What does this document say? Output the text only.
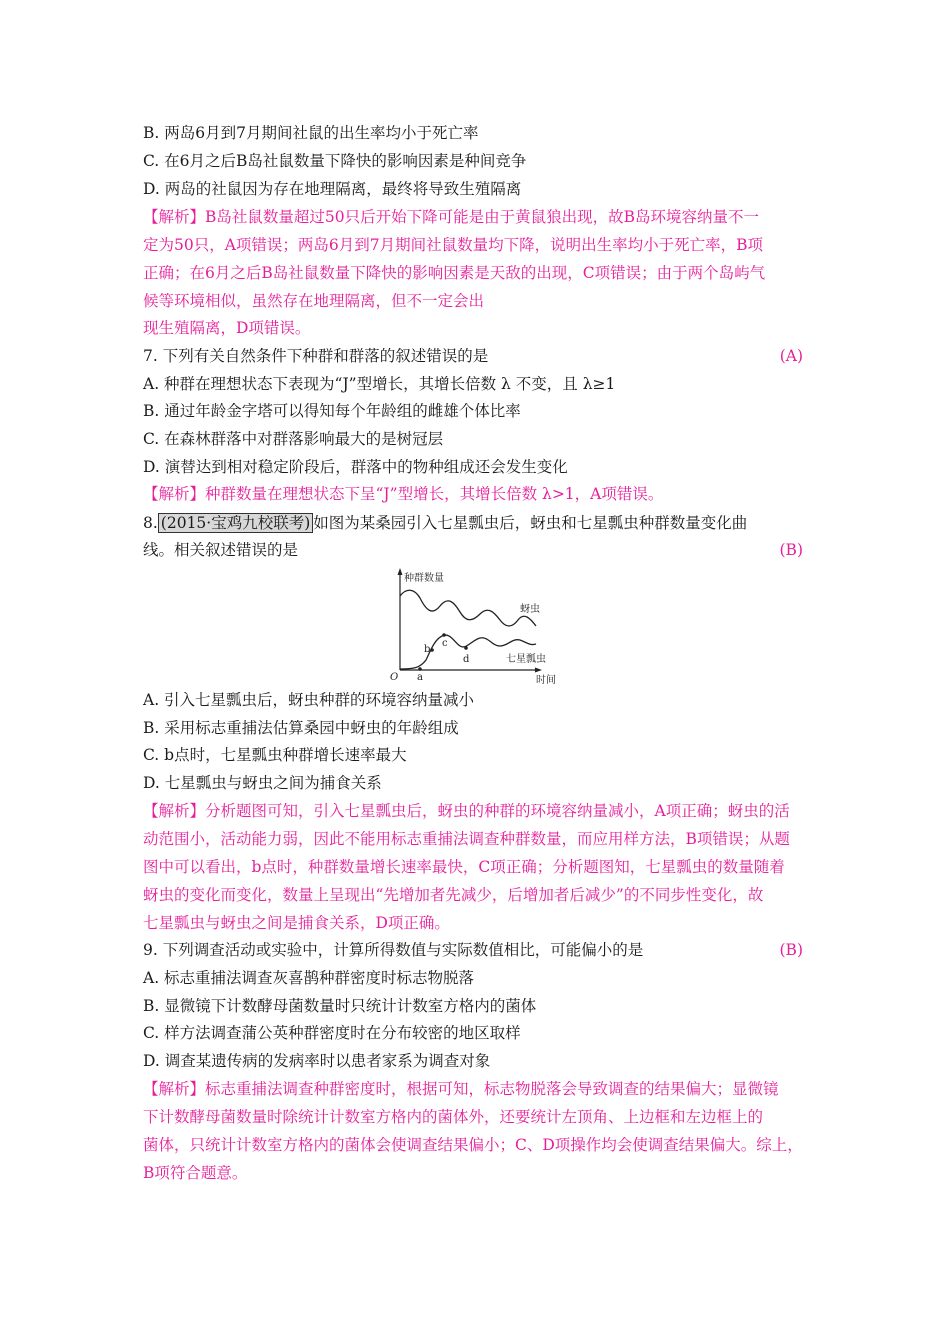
B. 两岛6月到7月期间社鼠的出生率均小于死亡率
C. 在6月之后B岛社鼠数量下降快的影响因素是种间竞争
D. 两岛的社鼠因为存在地理隔离，最终将导致生殖隔离
【解析】B岛社鼠数量超过50只后开始下降可能是由于黄鼠狼出现，故B岛环境容纳量不一
定为50只，A项错误；两岛6月到7月期间社鼠数量均下降，说明出生率均小于死亡率，B项
正确；在6月之后B岛社鼠数量下降快的影响因素是天敌的出现，C项错误；由于两个岛屿气
候等环境相似，虽然存在地理隔离，但不一定会出
现生殖隔离，D项错误。
7. 下列有关自然条件下种群和群落的叙述错误的是	(A)
A. 种群在理想状态下表现为“J”型增长，其增长倍数 λ 不变，且 λ≥1
B. 通过年龄金字塔可以得知每个年龄组的雌雄个体比率
C. 在森林群落中对群落影响最大的是树冠层
D. 演替达到相对稳定阶段后，群落中的物种组成还会发生变化
【解析】种群数量在理想状态下呈“J”型增长，其增长倍数 λ>1，A项错误。
8. (2015·宝鸡九校联考) 如图为某桑园引入七星瓢虫后，蚜虫和七星瓢虫种群数量变化曲
线。相关叙述错误的是	(B)
种群数量
时间
O
蚜虫
七星瓢虫
a
b
c
d
A. 引入七星瓢虫后，蚜虫种群的环境容纳量减小
B. 采用标志重捕法估算桑园中蚜虫的年龄组成
C. b点时，七星瓢虫种群增长速率最大
D. 七星瓢虫与蚜虫之间为捕食关系
【解析】分析题图可知，引入七星瓢虫后，蚜虫的种群的环境容纳量减小，A项正确；蚜虫的活
动范围小，活动能力弱，因此不能用标志重捕法调查种群数量，而应用样方法，B项错误；从题
图中可以看出，b点时，种群数量增长速率最快，C项正确；分析题图知，七星瓢虫的数量随着
蚜虫的变化而变化，数量上呈现出“先增加者先减少，后增加者后减少”的不同步性变化，故
七星瓢虫与蚜虫之间是捕食关系，D项正确。
9. 下列调查活动或实验中，计算所得数值与实际数值相比，可能偏小的是	(B)
A. 标志重捕法调查灰喜鹊种群密度时标志物脱落
B. 显微镜下计数酵母菌数量时只统计计数室方格内的菌体
C. 样方法调查蒲公英种群密度时在分布较密的地区取样
D. 调查某遗传病的发病率时以患者家系为调查对象
【解析】标志重捕法调查种群密度时，根据可知，标志物脱落会导致调查的结果偏大；显微镜
下计数酵母菌数量时除统计计数室方格内的菌体外，还要统计左顶角、上边框和左边框上的
菌体，只统计计数室方格内的菌体会使调查结果偏小；C、D项操作均会使调查结果偏大。综上，
B项符合题意。
